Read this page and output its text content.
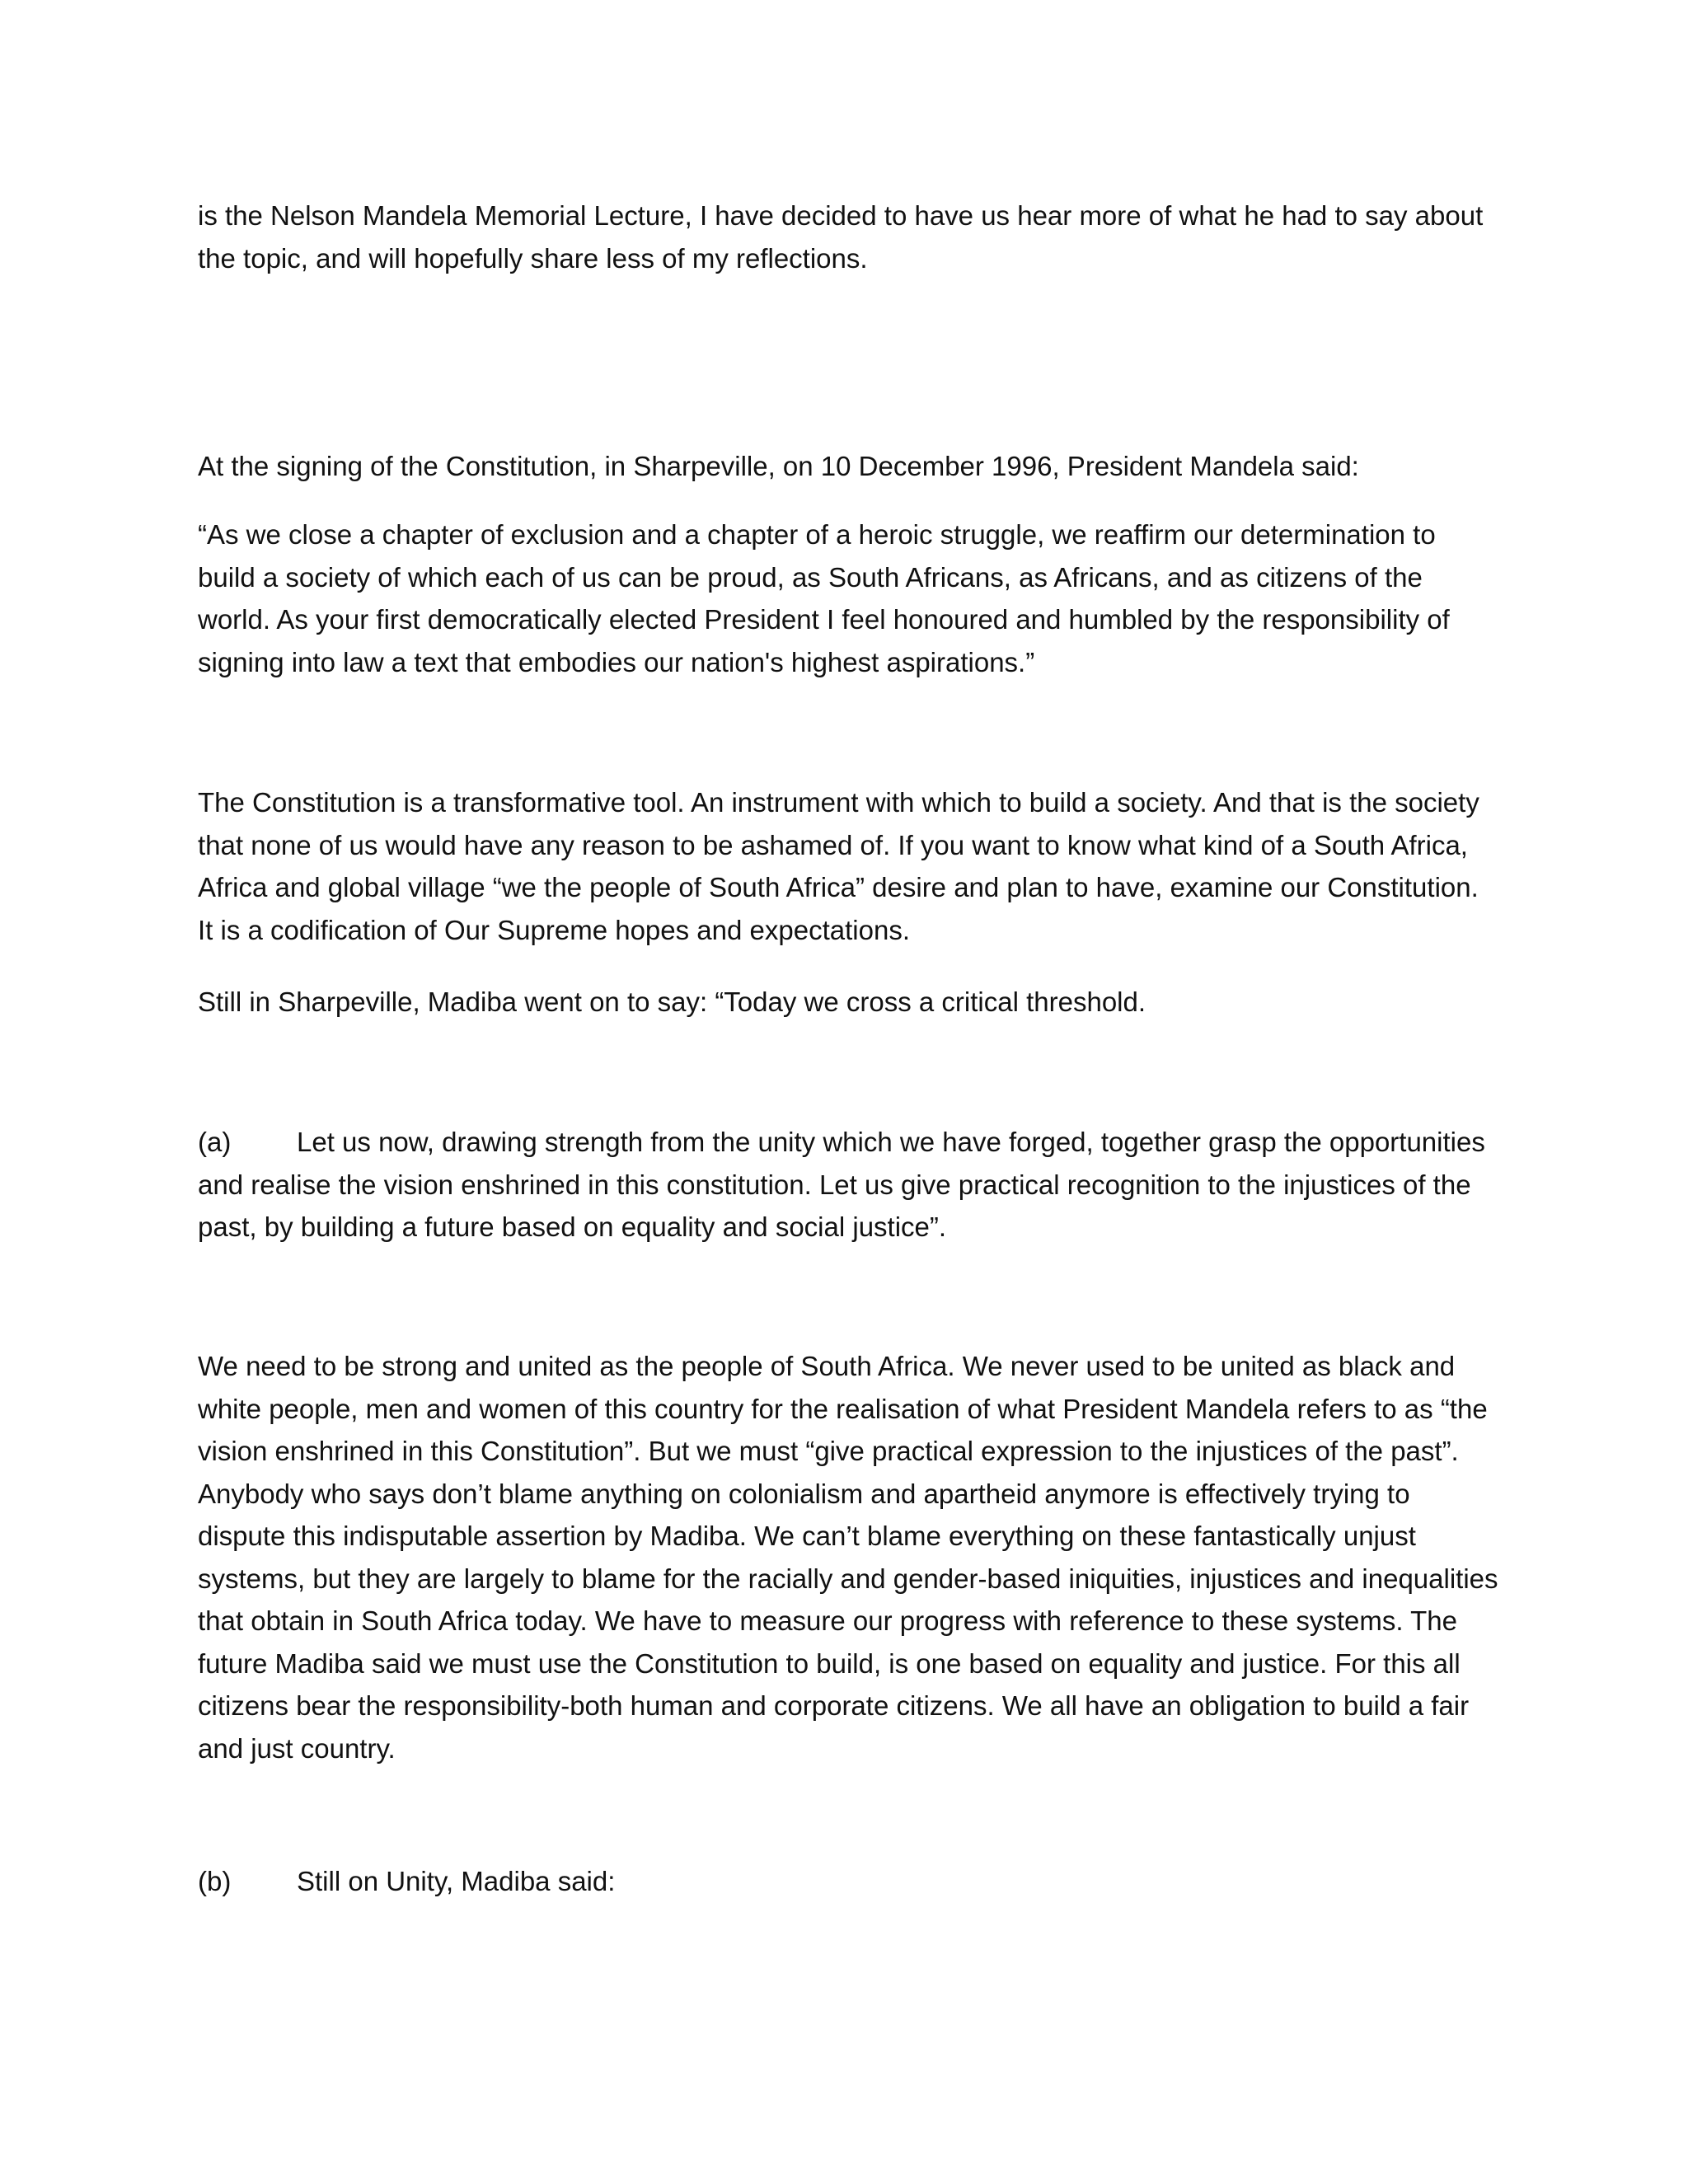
is the Nelson Mandela Memorial Lecture, I have decided to have us hear more of what he had to say about the topic, and will hopefully share less of my reflections.

At the signing of the Constitution, in Sharpeville, on 10 December 1996, President Mandela said:

“As we close a chapter of exclusion and a chapter of a heroic struggle, we reaffirm our determination to build a society of which each of us can be proud, as South Africans, as Africans, and as citizens of the world. As your first democratically elected President I feel honoured and humbled by the responsibility of signing into law a text that embodies our nation's highest aspirations.”

The Constitution is a transformative tool. An instrument with which to build a society. And that is the society that none of us would have any reason to be ashamed of. If you want to know what kind of a South Africa, Africa and global village “we the people of South Africa” desire and plan to have, examine our Constitution. It is a codification of Our Supreme hopes and expectations.

Still in Sharpeville, Madiba went on to say: “Today we cross a critical threshold.

(a) Let us now, drawing strength from the unity which we have forged, together grasp the opportunities and realise the vision enshrined in this constitution. Let us give practical recognition to the injustices of the past, by building a future based on equality and social justice”.

We need to be strong and united as the people of South Africa. We never used to be united as black and white people, men and women of this country for the realisation of what President Mandela refers to as “the vision enshrined in this Constitution”. But we must “give practical expression to the injustices of the past”. Anybody who says don’t blame anything on colonialism and apartheid anymore is effectively trying to dispute this indisputable assertion by Madiba. We can’t blame everything on these fantastically unjust systems, but they are largely to blame for the racially and gender-based iniquities, injustices and inequalities that obtain in South Africa today. We have to measure our progress with reference to these systems. The future Madiba said we must use the Constitution to build, is one based on equality and justice. For this all citizens bear the responsibility-both human and corporate citizens. We all have an obligation to build a fair and just country.

(b) Still on Unity, Madiba said:
